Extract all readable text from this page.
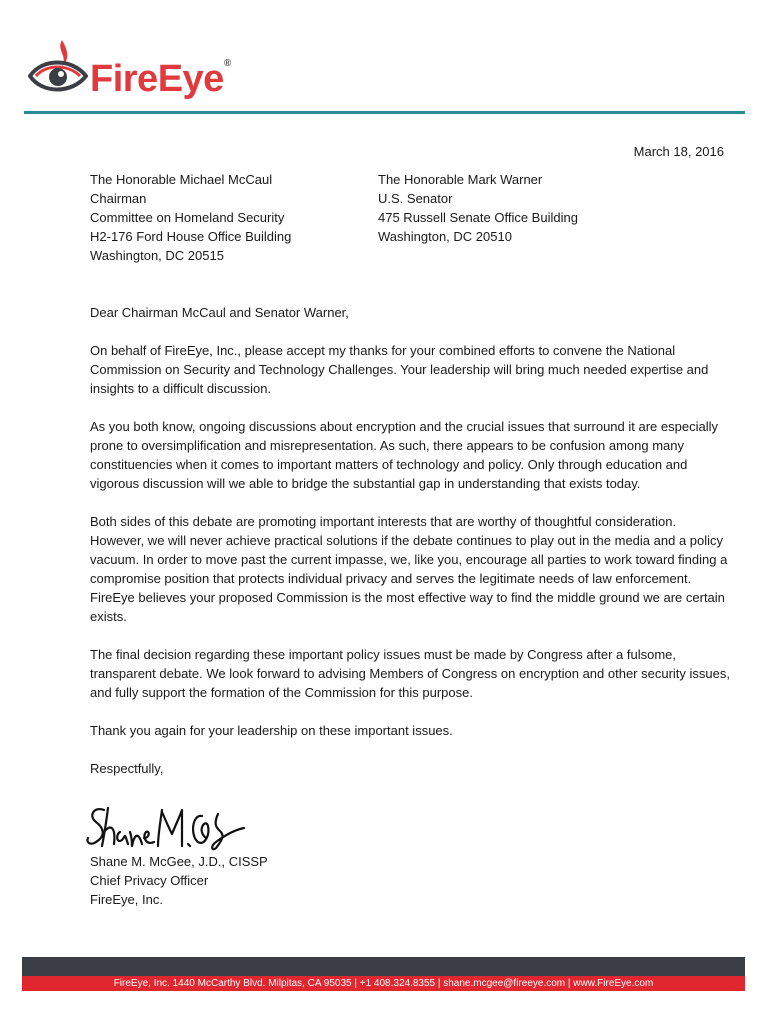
FireEye®
March 18, 2016
The Honorable Michael McCaul
Chairman
Committee on Homeland Security
H2-176 Ford House Office Building
Washington, DC 20515
The Honorable Mark Warner
U.S. Senator
475 Russell Senate Office Building
Washington, DC 20510

Dear Chairman McCaul and Senator Warner,

On behalf of FireEye, Inc., please accept my thanks for your combined efforts to convene the National Commission on Security and Technology Challenges. Your leadership will bring much needed expertise and insights to a difficult discussion.

As you both know, ongoing discussions about encryption and the crucial issues that surround it are especially prone to oversimplification and misrepresentation. As such, there appears to be confusion among many constituencies when it comes to important matters of technology and policy. Only through education and vigorous discussion will we able to bridge the substantial gap in understanding that exists today.

Both sides of this debate are promoting important interests that are worthy of thoughtful consideration. However, we will never achieve practical solutions if the debate continues to play out in the media and a policy vacuum. In order to move past the current impasse, we, like you, encourage all parties to work toward finding a compromise position that protects individual privacy and serves the legitimate needs of law enforcement. FireEye believes your proposed Commission is the most effective way to find the middle ground we are certain exists.

The final decision regarding these important policy issues must be made by Congress after a fulsome, transparent debate. We look forward to advising Members of Congress on encryption and other security issues, and fully support the formation of the Commission for this purpose.

Thank you again for your leadership on these important issues.

Respectfully,

Shane M. McGee, J.D., CISSP
Chief Privacy Officer
FireEye, Inc.
FireEye, Inc. 1440 McCarthy Blvd. Milpitas, CA 95035 | +1 408.324.8355 | shane.mcgee@fireeye.com | www.FireEye.com
